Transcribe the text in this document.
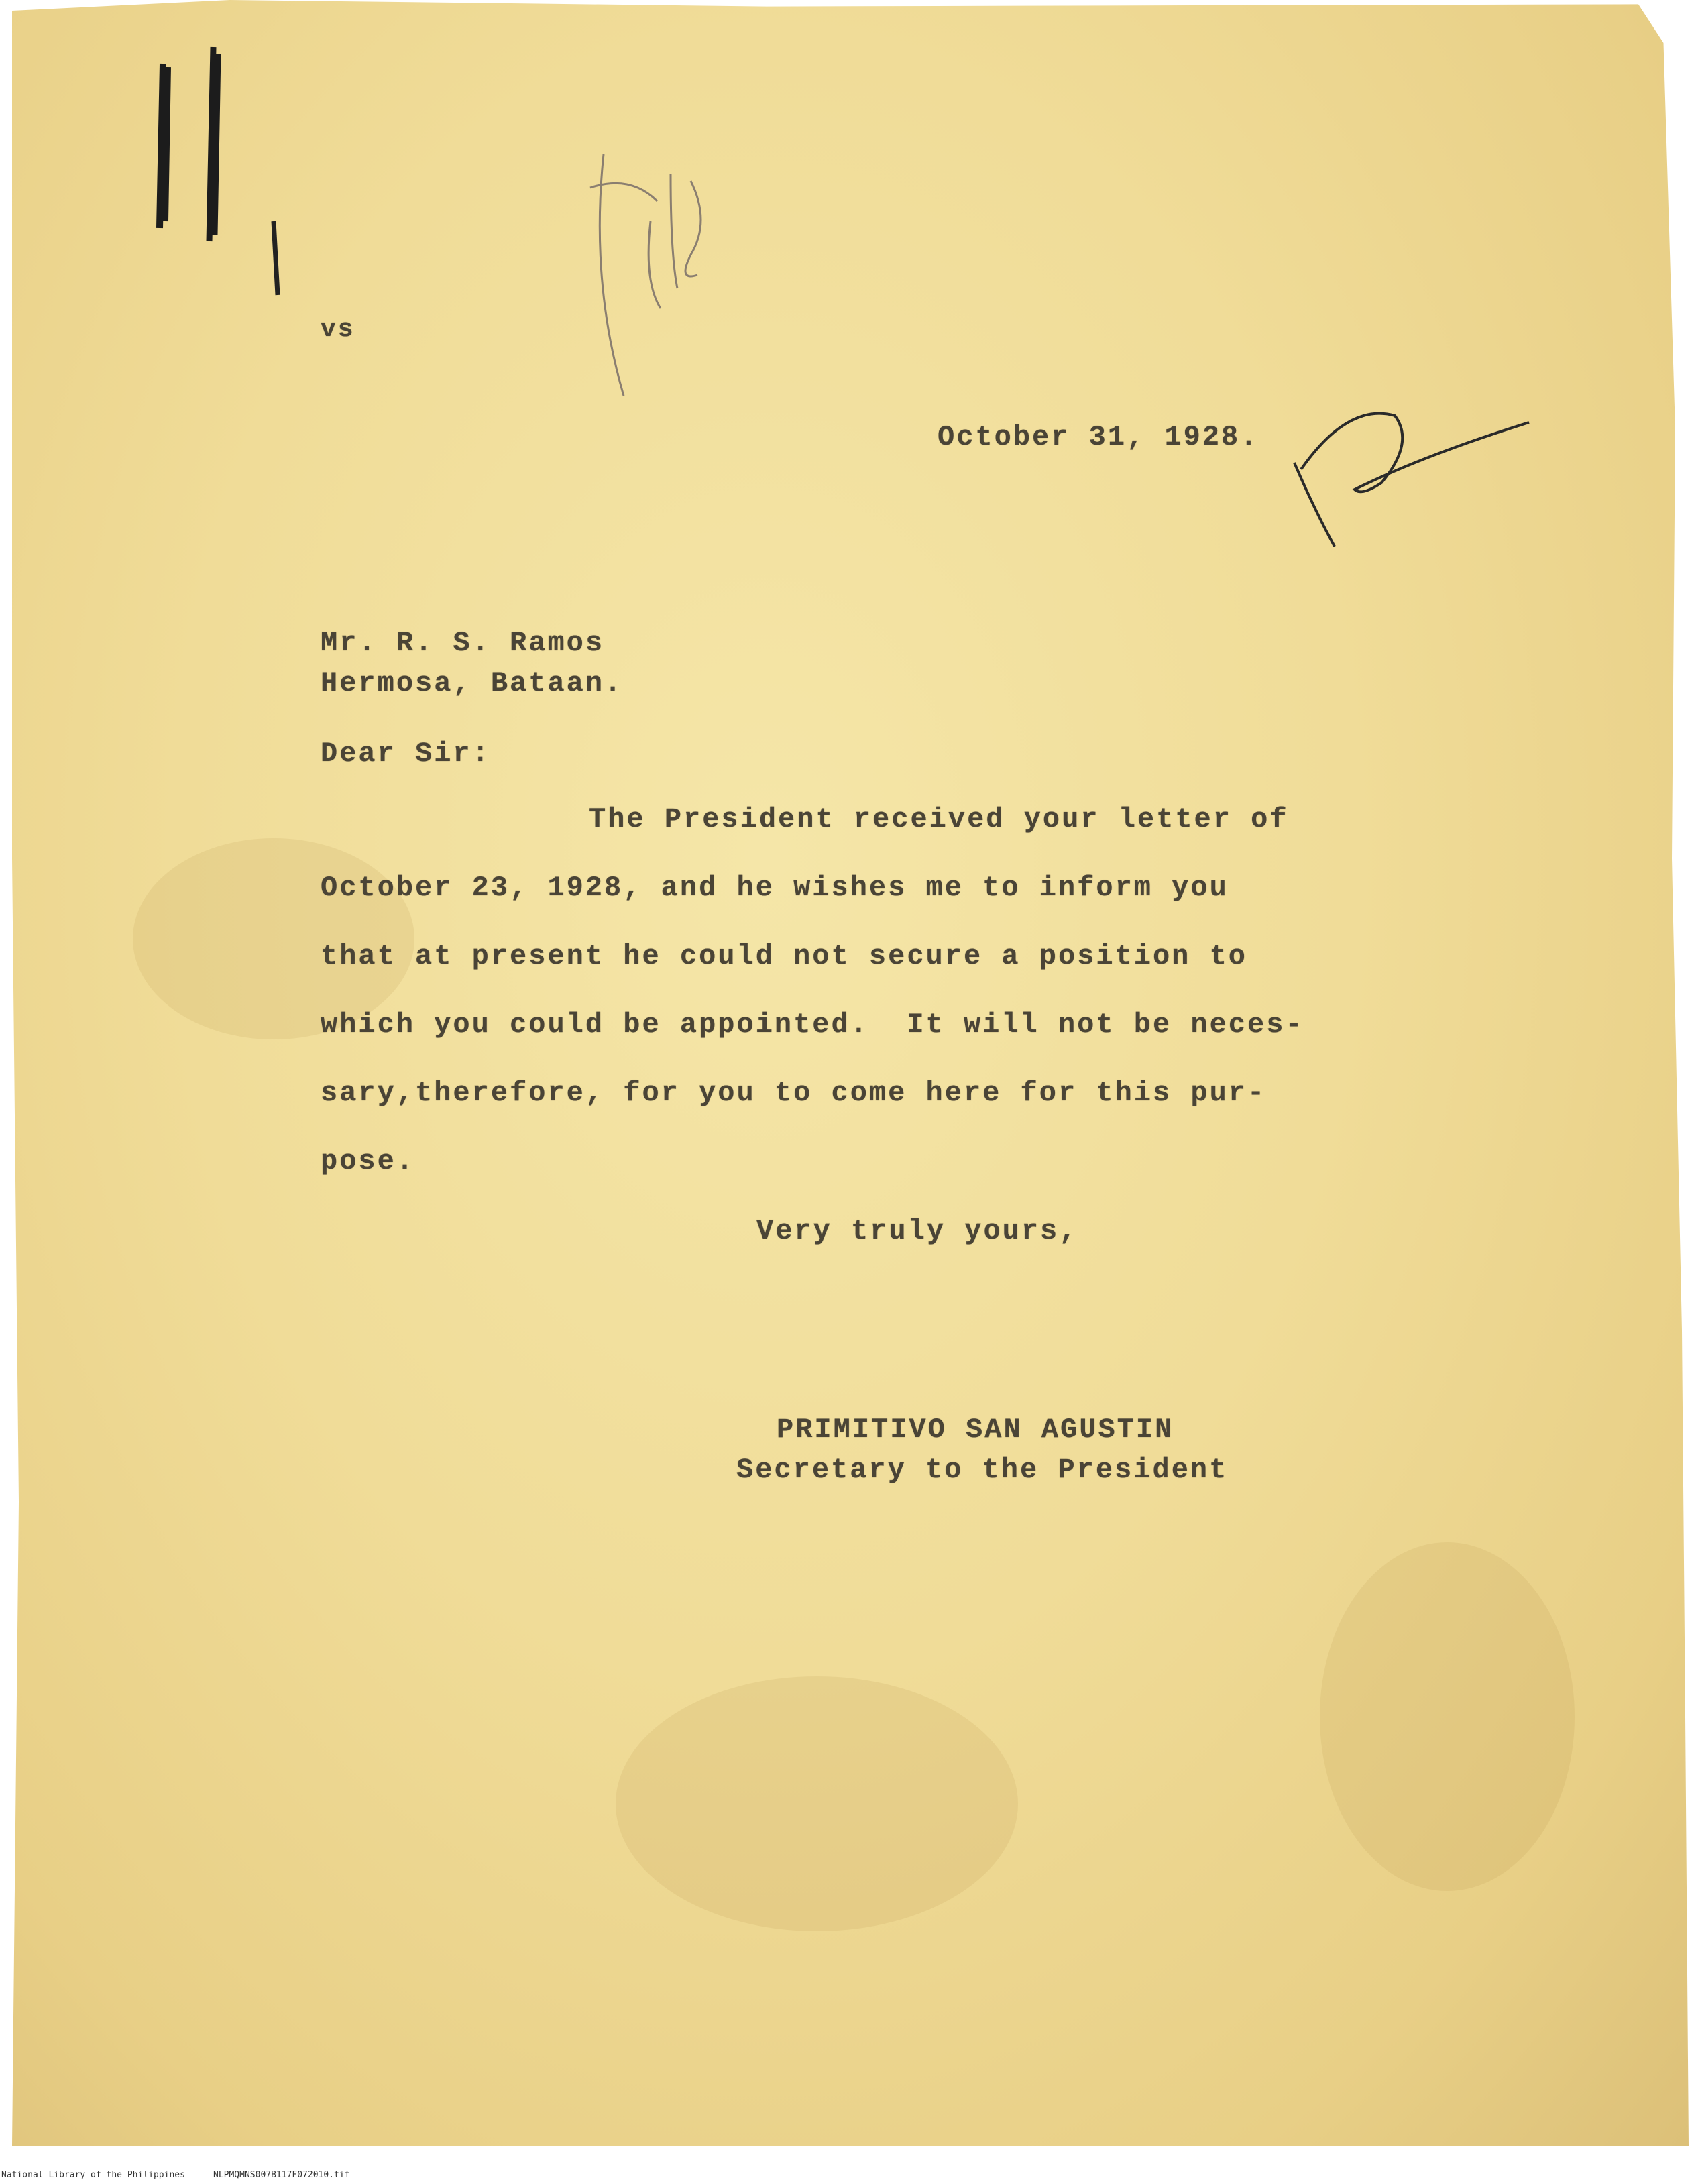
vs

October 31, 1928.

Mr. R. S. Ramos

Hermosa, Bataan.

Dear Sir:

The President received your letter of

October 23, 1928, and he wishes me to inform you

that at present he could not secure a position to

which you could be appointed.  It will not be neces-

sary,therefore, for you to come here for this pur-

pose.

Very truly yours,

PRIMITIVO SAN AGUSTIN

Secretary to the President

National Library of the Philippines	NLPMQMNS007B117F072010.tif
